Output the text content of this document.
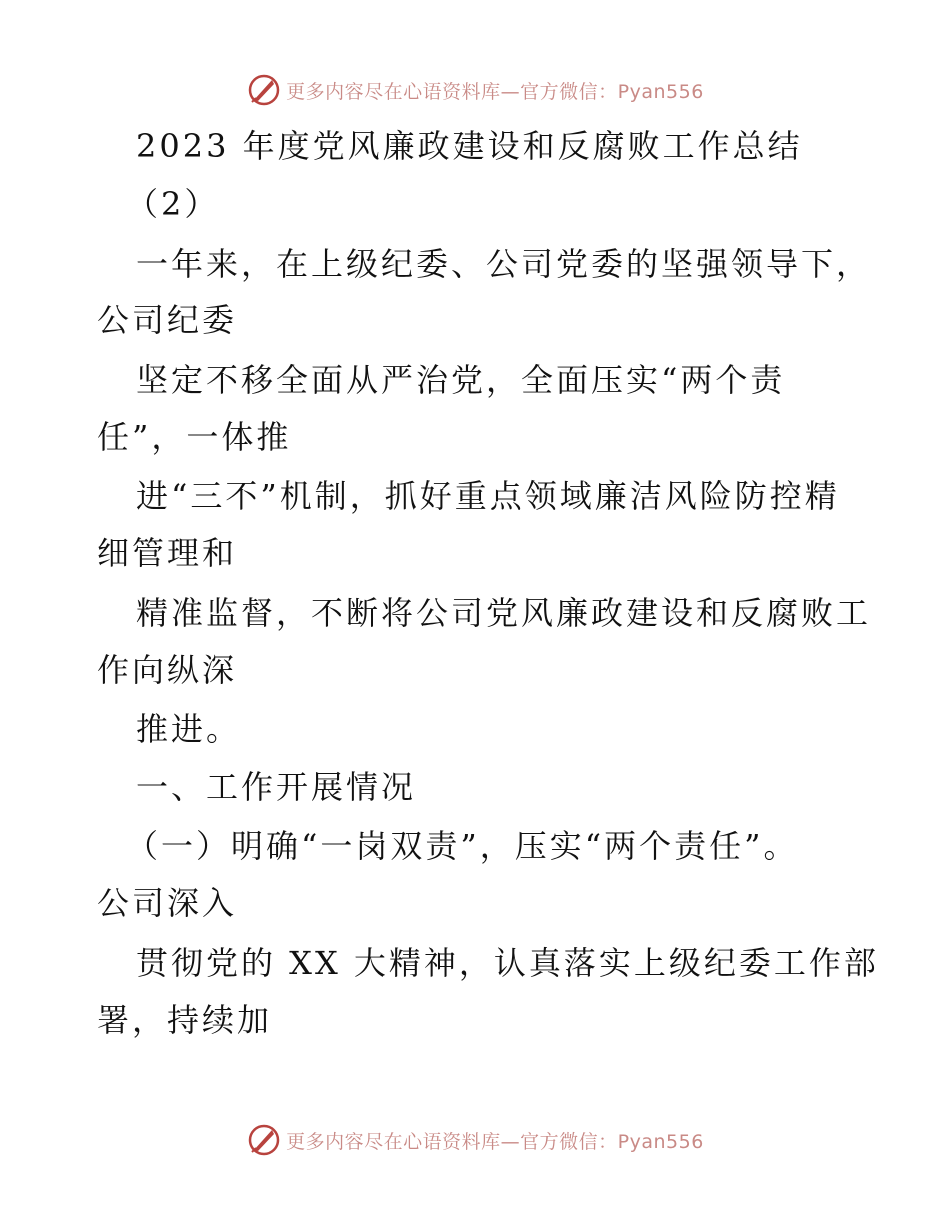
更多内容尽在心语资料库—官方微信：Pyan556
2023 年度党风廉政建设和反腐败工作总结
（2）
一年来，在上级纪委、公司党委的坚强领导下，
公司纪委
坚定不移全面从严治党，全面压实“两个责
任”，一体推
进“三不”机制，抓好重点领域廉洁风险防控精
细管理和
精准监督，不断将公司党风廉政建设和反腐败工
作向纵深
推进。
一、工作开展情况
（一）明确“一岗双责”，压实“两个责任”。
公司深入
贯彻党的 XX 大精神，认真落实上级纪委工作部
署，持续加
更多内容尽在心语资料库—官方微信：Pyan556
